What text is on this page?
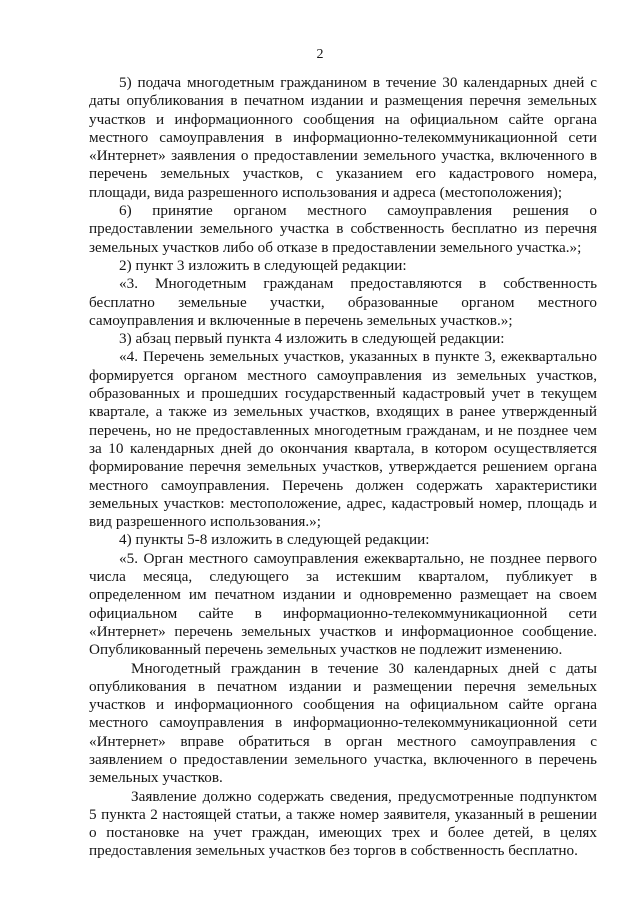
2

5) подача многодетным гражданином в течение 30 календарных дней с даты опубликования в печатном издании и размещения перечня земельных участков и информационного сообщения на официальном сайте органа местного самоуправления в информационно-телекоммуникационной сети «Интернет» заявления о предоставлении земельного участка, включенного в перечень земельных участков, с указанием его кадастрового номера, площади, вида разрешенного использования и адреса (местоположения);

6) принятие органом местного самоуправления решения о предоставлении земельного участка в собственность бесплатно из перечня земельных участков либо об отказе в предоставлении земельного участка.»;

2) пункт 3 изложить в следующей редакции:

«3. Многодетным гражданам предоставляются в собственность бесплатно земельные участки, образованные органом местного самоуправления и включенные в перечень земельных участков.»;

3) абзац первый пункта 4 изложить в следующей редакции:

«4. Перечень земельных участков, указанных в пункте 3, ежеквартально формируется органом местного самоуправления из земельных участков, образованных и прошедших государственный кадастровый учет в текущем квартале, а также из земельных участков, входящих в ранее утвержденный перечень, но не предоставленных многодетным гражданам, и не позднее чем за 10 календарных дней до окончания квартала, в котором осуществляется формирование перечня земельных участков, утверждается решением органа местного самоуправления. Перечень должен содержать характеристики земельных участков: местоположение, адрес, кадастровый номер, площадь и вид разрешенного использования.»;

4) пункты 5-8 изложить в следующей редакции:

«5. Орган местного самоуправления ежеквартально, не позднее первого числа месяца, следующего за истекшим кварталом, публикует в определенном им печатном издании и одновременно размещает на своем официальном сайте в информационно-телекоммуникационной сети «Интернет» перечень земельных участков и информационное сообщение. Опубликованный перечень земельных участков не подлежит изменению.

Многодетный гражданин в течение 30 календарных дней с даты опубликования в печатном издании и размещении перечня земельных участков и информационного сообщения на официальном сайте органа местного самоуправления в информационно-телекоммуникационной сети «Интернет» вправе обратиться в орган местного самоуправления с заявлением о предоставлении земельного участка, включенного в перечень земельных участков.

Заявление должно содержать сведения, предусмотренные подпунктом 5 пункта 2 настоящей статьи, а также номер заявителя, указанный в решении о постановке на учет граждан, имеющих трех и более детей, в целях предоставления земельных участков без торгов в собственность бесплатно.
